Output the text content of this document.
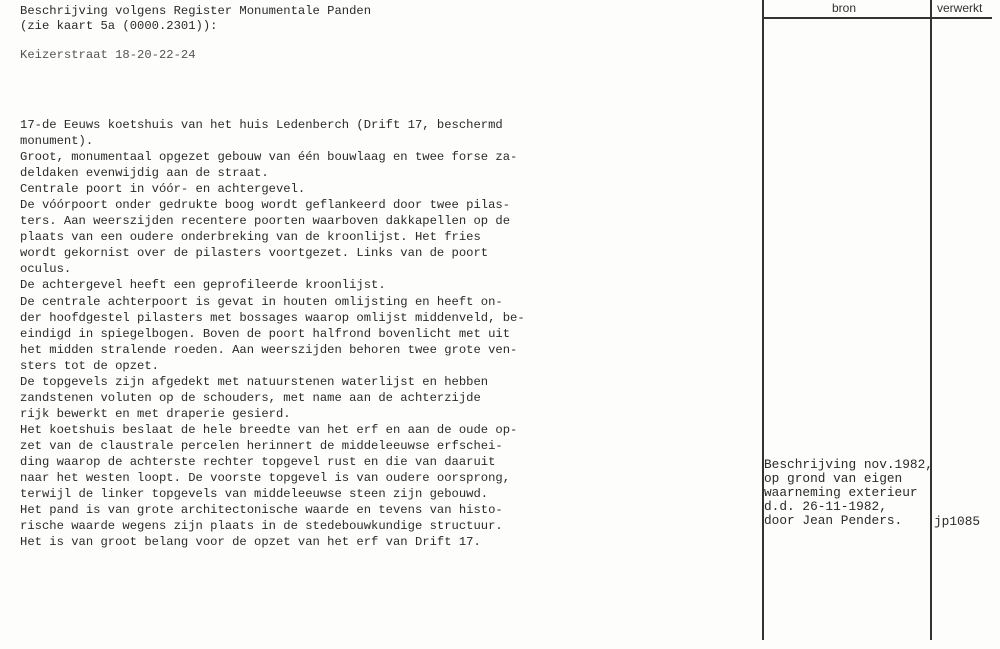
Beschrijving volgens Register Monumentale Panden
(zie kaart 5a (0000.2301)):
Keizerstraat 18-20-22-24
17-de Eeuws koetshuis van het huis Ledenberch (Drift 17, beschermd
monument).
Groot, monumentaal opgezet gebouw van één bouwlaag en twee forse za-
deldaken evenwijdig aan de straat.
Centrale poort in vóór- en achtergevel.
De vóórpoort onder gedrukte boog wordt geflankeerd door twee pilas-
ters. Aan weerszijden recentere poorten waarboven dakkapellen op de
plaats van een oudere onderbreking van de kroonlijst. Het fries
wordt gekornist over de pilasters voortgezet. Links van de poort
oculus.
De achtergevel heeft een geprofileerde kroonlijst.
De centrale achterpoort is gevat in houten omlijsting en heeft on-
der hoofdgestel pilasters met bossages waarop omlijst middenveld, be-
eindigd in spiegelbogen. Boven de poort halfrond bovenlicht met uit
het midden stralende roeden. Aan weerszijden behoren twee grote ven-
sters tot de opzet.
De topgevels zijn afgedekt met natuurstenen waterlijst en hebben
zandstenen voluten op de schouders, met name aan de achterzijde
rijk bewerkt en met draperie gesierd.
Het koetshuis beslaat de hele breedte van het erf en aan de oude op-
zet van de claustrale percelen herinnert de middeleeuwse erfschei-
ding waarop de achterste rechter topgevel rust en die van daaruit
naar het westen loopt. De voorste topgevel is van oudere oorsprong,
terwijl de linker topgevels van middeleeuwse steen zijn gebouwd.
Het pand is van grote architectonische waarde en tevens van histo-
rische waarde wegens zijn plaats in de stedebouwkundige structuur.
Het is van groot belang voor de opzet van het erf van Drift 17.
bron	verwerkt
Beschrijving nov.1982,
op grond van eigen
waarneming exterieur
d.d. 26-11-1982,
door Jean Penders.	jp1085
